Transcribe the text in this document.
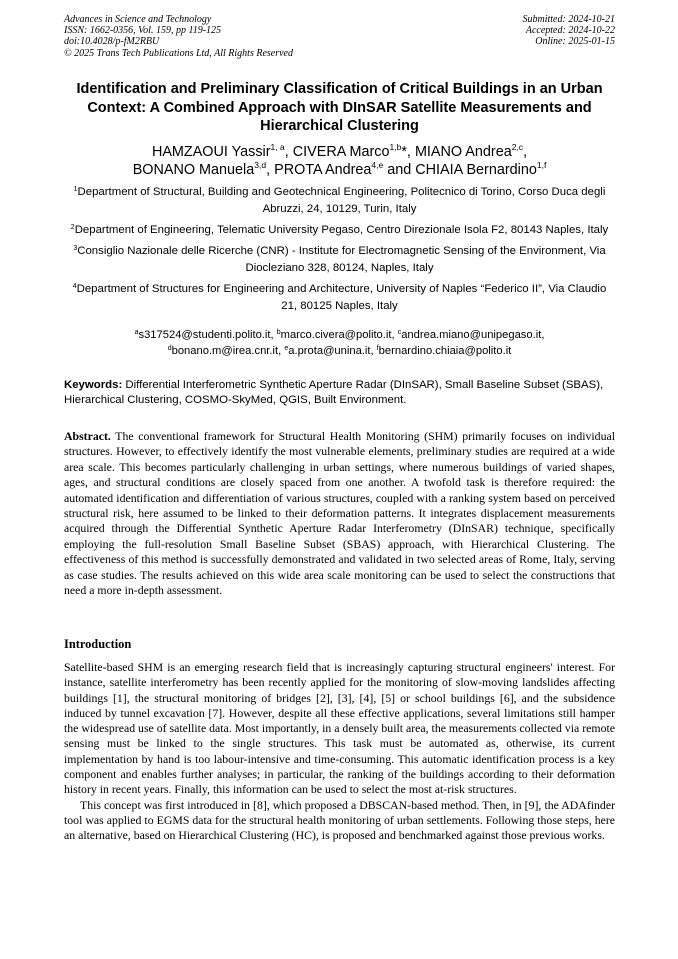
Advances in Science and Technology
ISSN: 1662-0356, Vol. 159, pp 119-125
doi:10.4028/p-fM2RBU
© 2025 Trans Tech Publications Ltd, All Rights Reserved
Submitted: 2024-10-21
Accepted: 2024-10-22
Online: 2025-01-15
Identification and Preliminary Classification of Critical Buildings in an Urban Context: A Combined Approach with DInSAR Satellite Measurements and Hierarchical Clustering
HAMZAOUI Yassir$^{1, a}$, CIVERA Marco$^{1,b}$*, MIANO Andrea$^{2,c}$,
BONANO Manuela$^{3,d}$, PROTA Andrea$^{4,e}$ and CHIAIA Bernardino$^{1,f}$
$^1$Department of Structural, Building and Geotechnical Engineering, Politecnico di Torino, Corso Duca degli Abruzzi, 24, 10129, Turin, Italy
$^2$Department of Engineering, Telematic University Pegaso, Centro Direzionale Isola F2, 80143 Naples, Italy
$^3$Consiglio Nazionale delle Ricerche (CNR) - Institute for Electromagnetic Sensing of the Environment, Via Diocleziano 328, 80124, Naples, Italy
$^4$Department of Structures for Engineering and Architecture, University of Naples “Federico II”, Via Claudio 21, 80125 Naples, Italy
$^a$s317524@studenti.polito.it, $^b$marco.civera@polito.it, $^c$andrea.miano@unipegaso.it,
$^d$bonano.m@irea.cnr.it, $^e$a.prota@unina.it, $^f$bernardino.chiaia@polito.it
Keywords: Differential Interferometric Synthetic Aperture Radar (DInSAR), Small Baseline Subset (SBAS), Hierarchical Clustering, COSMO-SkyMed, QGIS, Built Environment.
Abstract. The conventional framework for Structural Health Monitoring (SHM) primarily focuses on individual structures. However, to effectively identify the most vulnerable elements, preliminary studies are required at a wide area scale. This becomes particularly challenging in urban settings, where numerous buildings of varied shapes, ages, and structural conditions are closely spaced from one another. A twofold task is therefore required: the automated identification and differentiation of various structures, coupled with a ranking system based on perceived structural risk, here assumed to be linked to their deformation patterns. It integrates displacement measurements acquired through the Differential Synthetic Aperture Radar Interferometry (DInSAR) technique, specifically employing the full-resolution Small Baseline Subset (SBAS) approach, with Hierarchical Clustering. The effectiveness of this method is successfully demonstrated and validated in two selected areas of Rome, Italy, serving as case studies. The results achieved on this wide area scale monitoring can be used to select the constructions that need a more in-depth assessment.
Introduction

Satellite-based SHM is an emerging research field that is increasingly capturing structural engineers' interest. For instance, satellite interferometry has been recently applied for the monitoring of slow-moving landslides affecting buildings [1], the structural monitoring of bridges [2], [3], [4], [5] or school buildings [6], and the subsidence induced by tunnel excavation [7]. However, despite all these effective applications, several limitations still hamper the widespread use of satellite data. Most importantly, in a densely built area, the measurements collected via remote sensing must be linked to the single structures. This task must be automated as, otherwise, its current implementation by hand is too labour-intensive and time-consuming. This automatic identification process is a key component and enables further analyses; in particular, the ranking of the buildings according to their deformation history in recent years. Finally, this information can be used to select the most at-risk structures.

This concept was first introduced in [8], which proposed a DBSCAN-based method. Then, in [9], the ADAfinder tool was applied to EGMS data for the structural health monitoring of urban settlements. Following those steps, here an alternative, based on Hierarchical Clustering (HC), is proposed and benchmarked against those previous works.
